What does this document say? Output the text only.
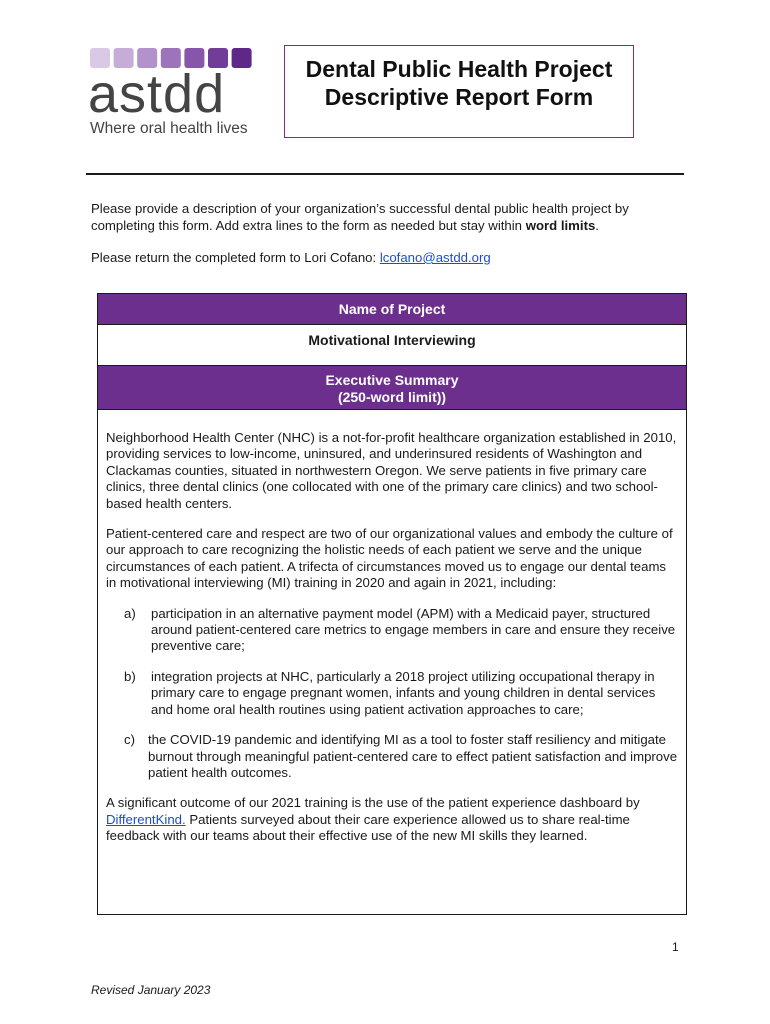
astdd
Where oral health lives
Dental Public Health Project
Descriptive Report Form

Please provide a description of your organization’s successful dental public health project by completing this form. Add extra lines to the form as needed but stay within word limits.

Please return the completed form to Lori Cofano: lcofano@astdd.org

Name of Project
Motivational Interviewing
Executive Summary
(250-word limit))

Neighborhood Health Center (NHC) is a not-for-profit healthcare organization established in 2010, providing services to low-income, uninsured, and underinsured residents of Washington and Clackamas counties, situated in northwestern Oregon. We serve patients in five primary care clinics, three dental clinics (one collocated with one of the primary care clinics) and two school-based health centers.

Patient-centered care and respect are two of our organizational values and embody the culture of our approach to care recognizing the holistic needs of each patient we serve and the unique circumstances of each patient. A trifecta of circumstances moved us to engage our dental teams in motivational interviewing (MI) training in 2020 and again in 2021, including:

a)	participation in an alternative payment model (APM) with a Medicaid payer, structured around patient-centered care metrics to engage members in care and ensure they receive preventive care;
b)	integration projects at NHC, particularly a 2018 project utilizing occupational therapy in primary care to engage pregnant women, infants and young children in dental services and home oral health routines using patient activation approaches to care;
c) the COVID-19 pandemic and identifying MI as a tool to foster staff resiliency and mitigate burnout through meaningful patient-centered care to effect patient satisfaction and improve patient health outcomes.

A significant outcome of our 2021 training is the use of the patient experience dashboard by DifferentKind. Patients surveyed about their care experience allowed us to share real-time feedback with our teams about their effective use of the new MI skills they learned.

1
Revised January 2023
